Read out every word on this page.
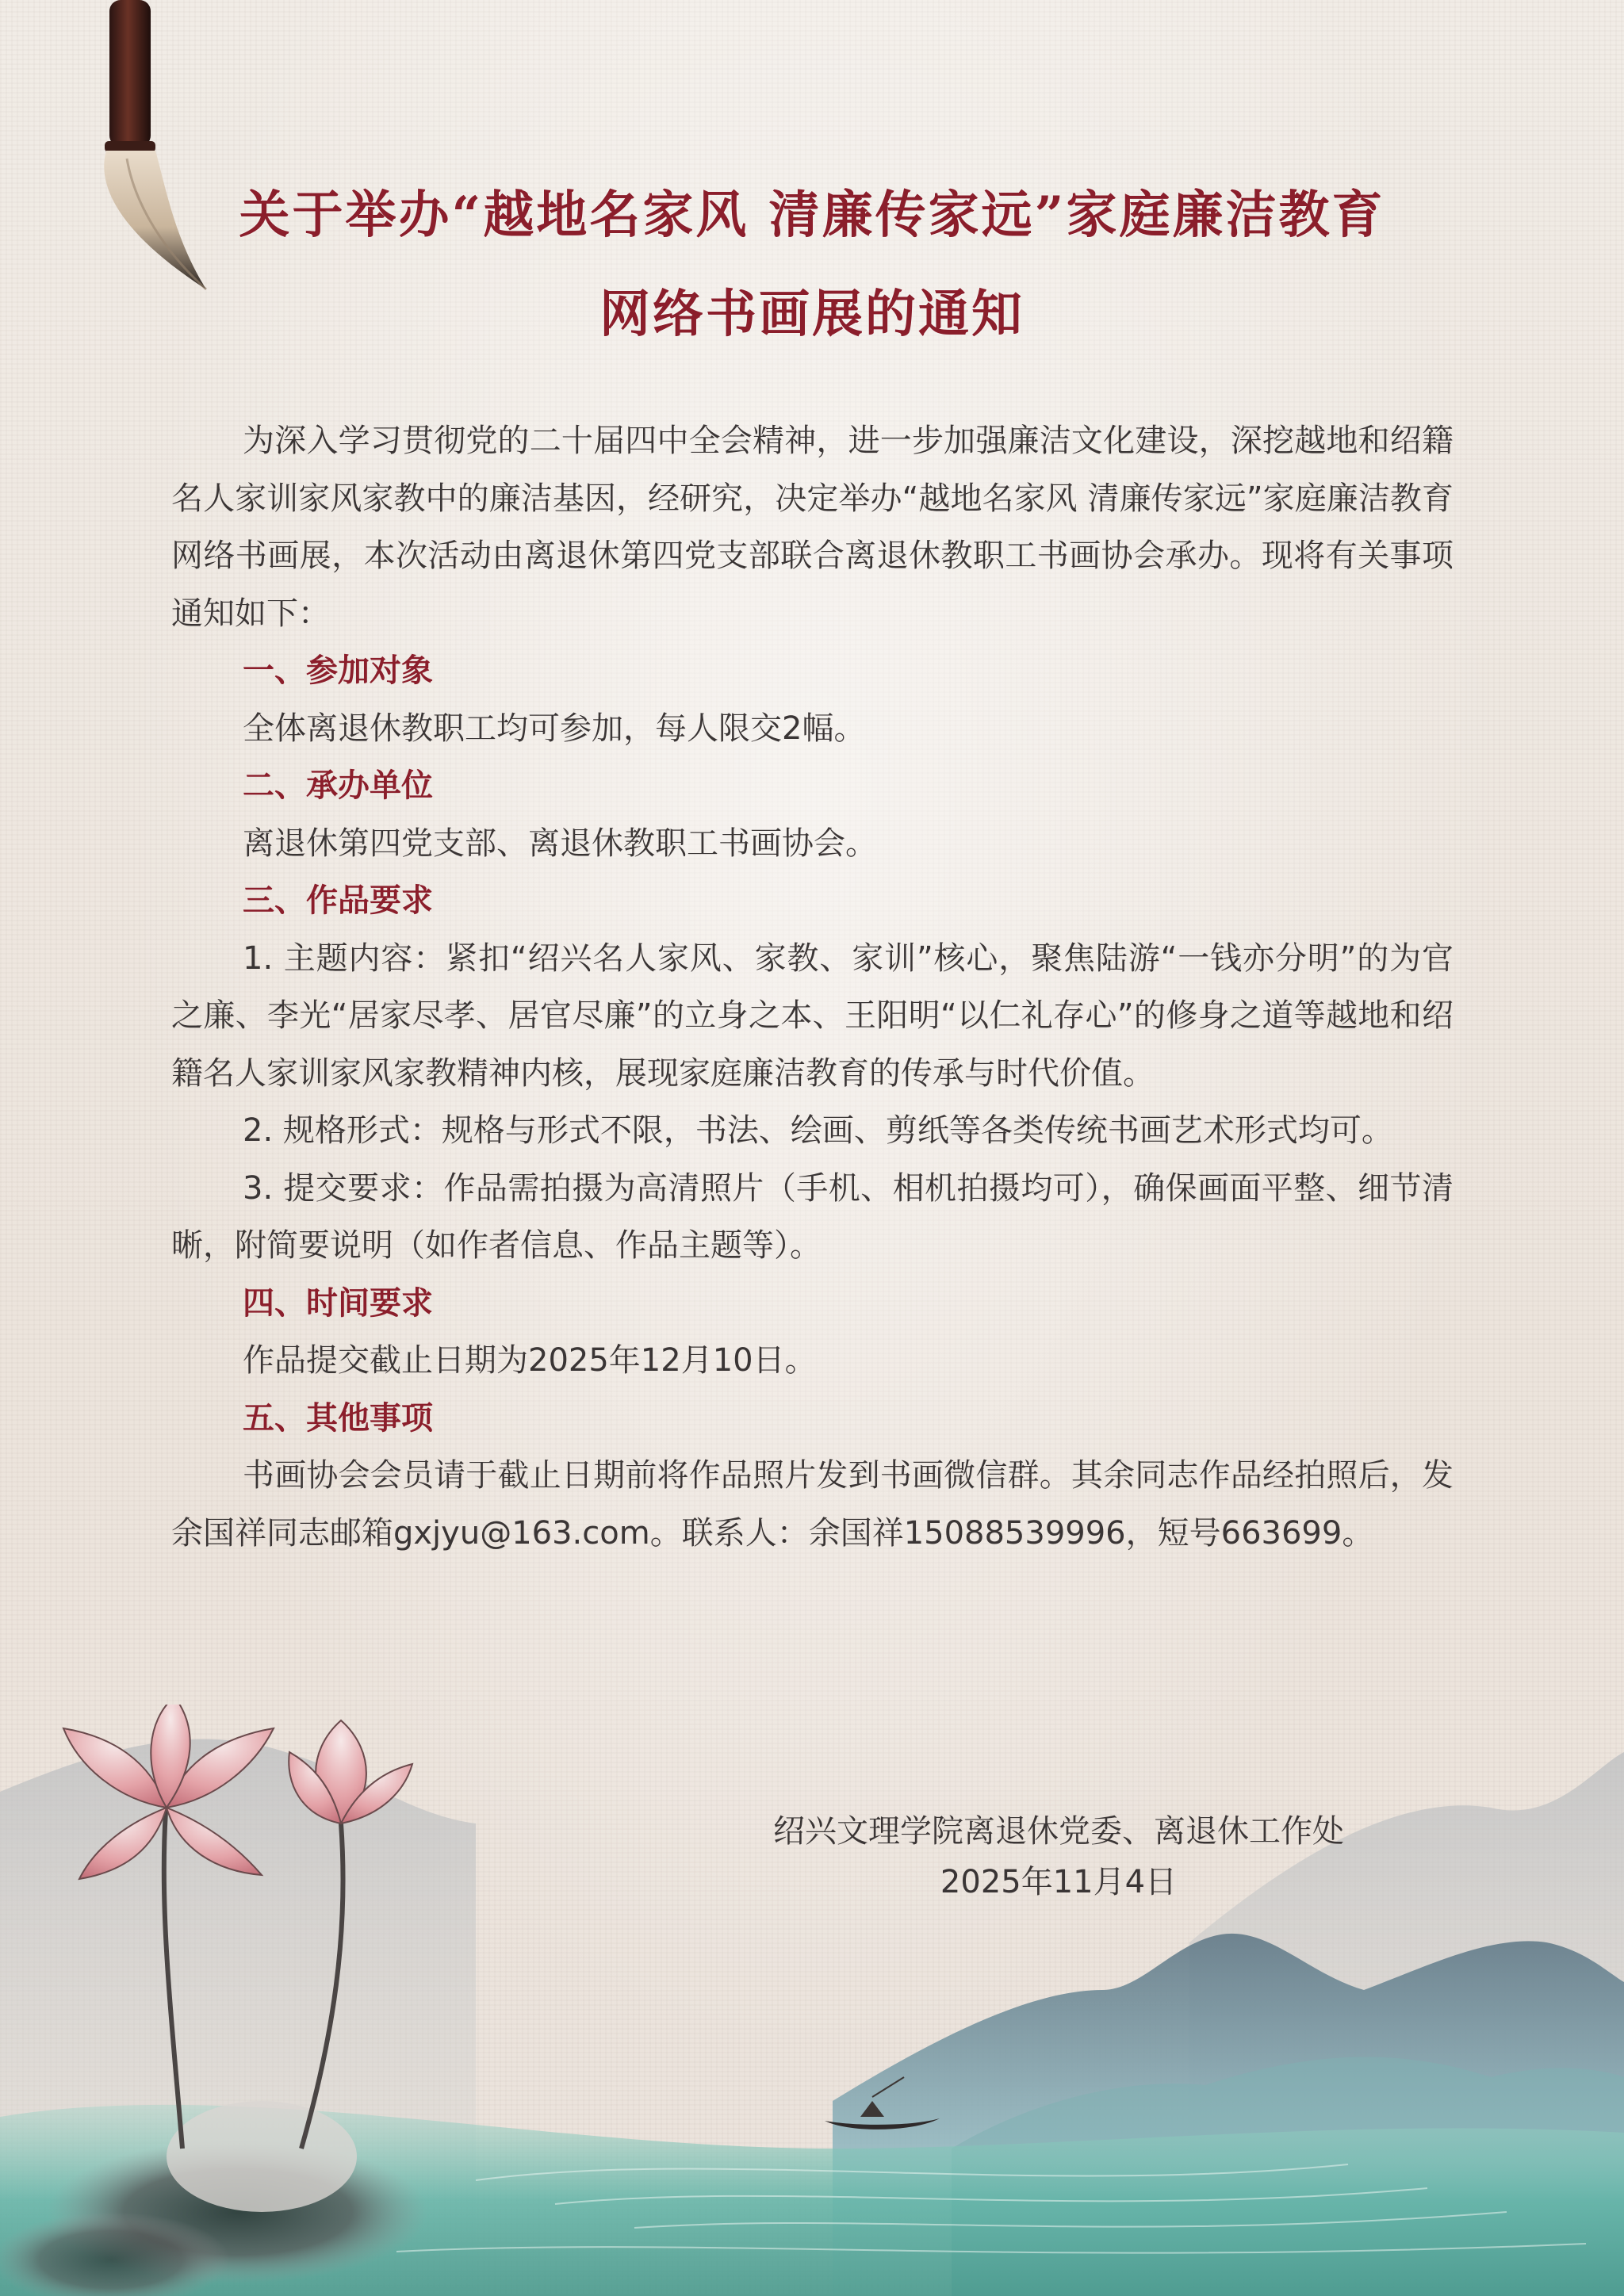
关于举办“越地名家风 清廉传家远”家庭廉洁教育
网络书画展的通知

为深入学习贯彻党的二十届四中全会精神，进一步加强廉洁文化建设，深挖越地和绍籍名人家训家风家教中的廉洁基因，经研究，决定举办“越地名家风 清廉传家远”家庭廉洁教育网络书画展，本次活动由离退休第四党支部联合离退休教职工书画协会承办。现将有关事项通知如下：

一、参加对象

全体离退休教职工均可参加，每人限交2幅。

二、承办单位

离退休第四党支部、离退休教职工书画协会。

三、作品要求

1. 主题内容：紧扣“绍兴名人家风、家教、家训”核心，聚焦陆游“一钱亦分明”的为官之廉、李光“居家尽孝、居官尽廉”的立身之本、王阳明“以仁礼存心”的修身之道等越地和绍籍名人家训家风家教精神内核，展现家庭廉洁教育的传承与时代价值。

2. 规格形式：规格与形式不限，书法、绘画、剪纸等各类传统书画艺术形式均可。

3. 提交要求：作品需拍摄为高清照片（手机、相机拍摄均可），确保画面平整、细节清晰，附简要说明（如作者信息、作品主题等）。

四、时间要求

作品提交截止日期为2025年12月10日。

五、其他事项

书画协会会员请于截止日期前将作品照片发到书画微信群。其余同志作品经拍照后，发余国祥同志邮箱gxjyu@163.com。联系人：余国祥15088539996，短号663699。

绍兴文理学院离退休党委、离退休工作处
2025年11月4日
